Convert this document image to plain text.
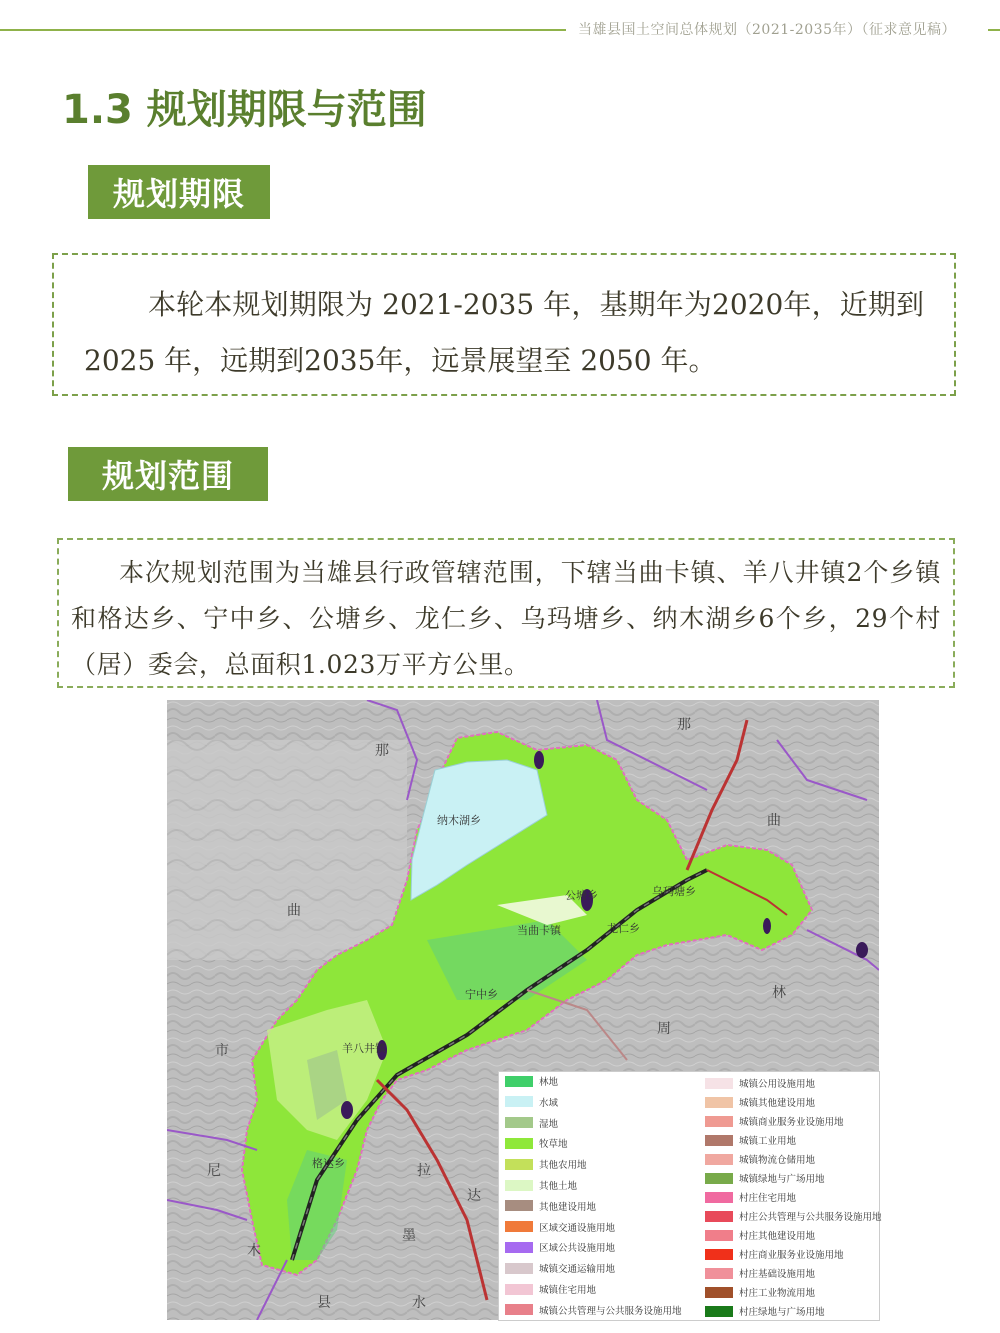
当雄县国土空间总体规划（2021-2035年）（征求意见稿）
1.3 规划期限与范围
规划期限

本轮本规划期限为 2021-2035 年，基期年为2020年，近期到 2025 年，远期到2035年，远景展望至 2050 年。

规划范围

本次规划范围为当雄县行政管辖范围，下辖当曲卡镇、羊八井镇2个乡镇和格达乡、宁中乡、公塘乡、龙仁乡、乌玛塘乡、纳木湖乡6个乡，29个村（居）委会，总面积1.023万平方公里。

纳木湖乡
公塘乡	乌玛塘乡
当曲卡镇	龙仁乡
宁中乡
羊八井镇
格达乡
那
那
曲
曲
市
林
周
尼
木
县
拉
墨
水
达
林地
水域
湿地
牧草地
其他农用地
其他土地
其他建设用地
区域交通设施用地
区域公共设施用地
城镇交通运输用地
城镇住宅用地
城镇公共管理与公共服务设施用地
城镇公用设施用地
城镇其他建设用地
城镇商业服务业设施用地
城镇工业用地
城镇物流仓储用地
城镇绿地与广场用地
村庄住宅用地
村庄公共管理与公共服务设施用地
村庄其他建设用地
村庄商业服务业设施用地
村庄基础设施用地
村庄工业物流用地
村庄绿地与广场用地
